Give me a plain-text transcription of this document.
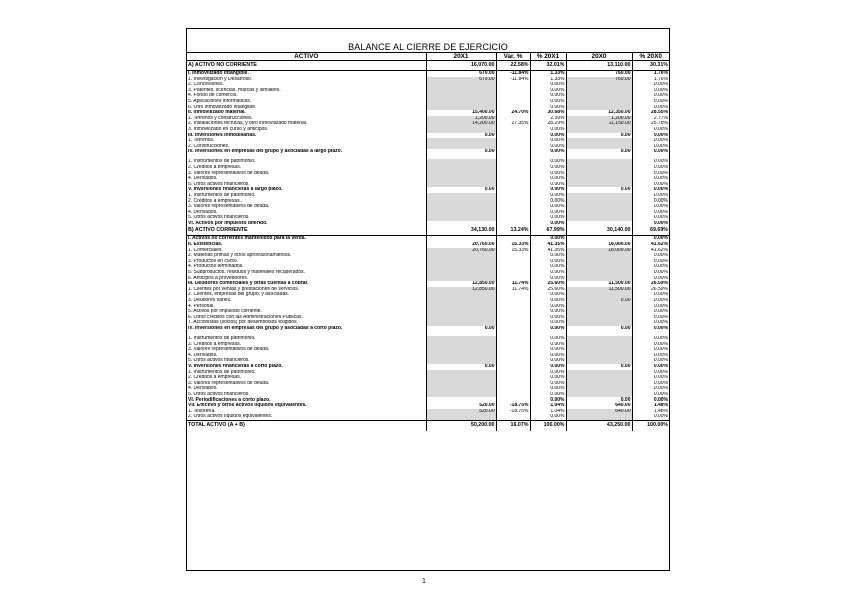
BALANCE AL CIERRE DE EJERCICIO
ACTIVO	20X1	Var. %	% 20X1	20X0	% 20X0
A) ACTIVO NO CORRIENTE	16,070.00	22.58%	32.01%	13,110.00	30.31%
I. Inmovilizado intangible.	670.00	-11.84%	1.33%	760.00	1.76%
1. Investigación y Desarrollo.	670.00	-11.84%	1.33%	760.00	1.76%
2. Concesiones.			0.00%		0.00%
3. Patentes, licencias, marcas y similares.			0.00%		0.00%
4. Fondo de comercio.			0.00%		0.00%
5. Aplicaciones informáticas.			0.00%		0.00%
6. Otro inmovilizado intangible.			0.00%		0.00%
II. Inmovilizado material.	15,400.00	24.70%	30.68%	12,350.00	28.55%
1. Terrenos y construcciones.	1,200.00		2.39%	1,200.00	2.77%
2. Instalaciones técnicas, y otro inmovilizado material.	14,200.00	27.35%	28.29%	11,150.00	25.78%
3. Inmovilizado en curso y anticipos.			0.00%		0.00%
III. Inversiones inmobiliarias.	0.00		0.00%	0.00	0.00%
1. Terrenos.			0.00%		0.00%
2. Construcciones.			0.00%		0.00%
IV. Inversiones en empresas del grupo y asociadas a largo plazo.	0.00		0.00%	0.00	0.00%
1. Instrumentos de patrimonio.			0.00%		0.00%
2. Créditos a empresas.			0.00%		0.00%
3. Valores representativos de deuda.			0.00%		0.00%
4. Derivados.			0.00%		0.00%
5. Otros activos financieros.			0.00%		0.00%
V. Inversiones financieras a largo plazo.	0.00		0.00%	0.00	0.00%
1. Instrumentos de patrimonio.			0.00%		0.00%
2. Créditos a empresas.			0.00%		0.00%
3. Valores representativos de deuda.			0.00%		0.00%
4. Derivados.			0.00%		0.00%
5. Otros activos financieros.			0.00%		0.00%
VI. Activos por impuesto diferido.			0.00%		0.00%
B) ACTIVO CORRIENTE	34,130.00	13.24%	67.99%	30,140.00	69.69%
I. Activos no corrientes mantenidos para la venta.			0.00%		0.00%
II. Existencias.	20,760.00	15.33%	41.35%	18,000.00	41.62%
1. Comerciales.	20,760.00	15.33%	41.35%	18,000.00	41.62%
2. Materias primas y otros aprovisionamientos.			0.00%		0.00%
3. Productos en curso.			0.00%		0.00%
4. Productos terminados.			0.00%		0.00%
5. Subproductos, residuos y materiales recuperados.			0.00%		0.00%
6. Anticipos a proveedores.			0.00%		0.00%
III. Deudores comerciales y otras cuentas a cobrar.	12,850.00	11.74%	25.60%	11,500.00	26.59%
1. Clientes por ventas y prestaciones de servicios.	12,850.00	11.74%	25.60%	11,500.00	26.59%
2. Clientes, empresas del grupo, y asociadas.			0.00%		0.00%
3. Deudores varios.			0.00%	0.00	0.00%
4. Personal.			0.00%		0.00%
5. Activos por impuesto corriente.			0.00%		0.00%
6. Otros créditos con las Administraciones Públicas.			0.00%		0.00%
7. Accionistas (socios) por desembolsos exigidos.			0.00%		0.00%
IV. Inversiones en empresas del grupo y asociadas a corto plazo.	0.00		0.00%	0.00	0.00%
1. Instrumentos de patrimonio.			0.00%		0.00%
2. Créditos a empresas.			0.00%		0.00%
3. Valores representativos de deuda.			0.00%		0.00%
4. Derivados.			0.00%		0.00%
5. Otros activos financieros.			0.00%		0.00%
V. Inversiones financieras a corto plazo.	0.00		0.00%	0.00	0.00%
1. Instrumentos de patrimonio.			0.00%		0.00%
2. Créditos a empresas.			0.00%		0.00%
3. Valores representativos de deuda.			0.00%		0.00%
4. Derivados.			0.00%		0.00%
5. Otros activos financieros.			0.00%		0.00%
VI. Periodificaciones a corto plazo.			0.00%	0.00	0.00%
VII. Efectivo y otros activos líquidos equivalentes.	520.00	-18.75%	1.04%	640.00	1.48%
1. Tesorería.	520.00	-18.75%	1.04%	640.00	1.48%
2. Otros activos líquidos equivalentes.			0.00%		0.00%
TOTAL ACTIVO (A + B)	50,200.00	16.07%	100.00%	43,250.00	100.00%
1
